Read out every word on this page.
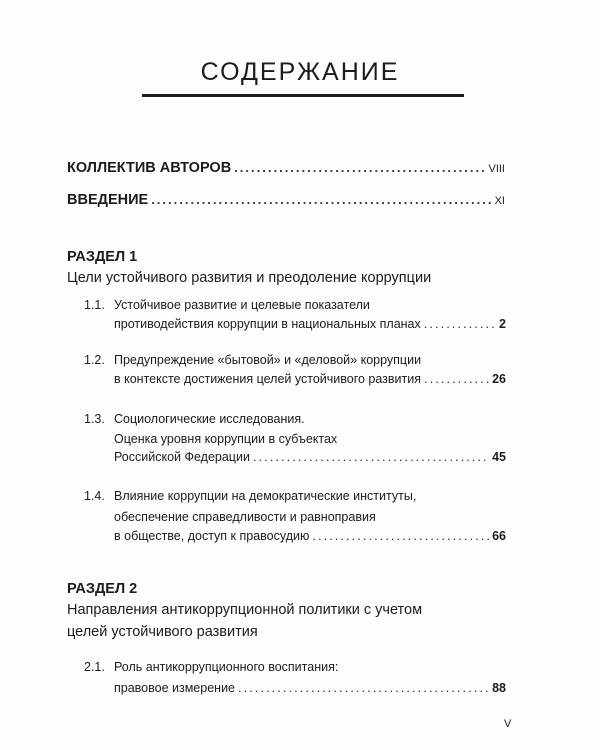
СОДЕРЖАНИЕ
КОЛЛЕКТИВ АВТОРОВ .....	VIII
ВВЕДЕНИЕ .....	XI
РАЗДЕЛ 1
Цели устойчивого развития и преодоление коррупции
1.1. Устойчивое развитие и целевые показатели
противодействия коррупции в национальных планах .....	2
1.2. Предупреждение «бытовой» и «деловой» коррупции
в контексте достижения целей устойчивого развития .....	26
1.3. Социологические исследования.
Оценка уровня коррупции в субъектах
Российской Федерации .....	45
1.4. Влияние коррупции на демократические институты,
обеспечение справедливости и равноправия
в обществе, доступ к правосудию .....	66
РАЗДЕЛ 2
Направления антикоррупционной политики с учетом
целей устойчивого развития
2.1. Роль антикоррупционного воспитания:
правовое измерение .....	88
V
